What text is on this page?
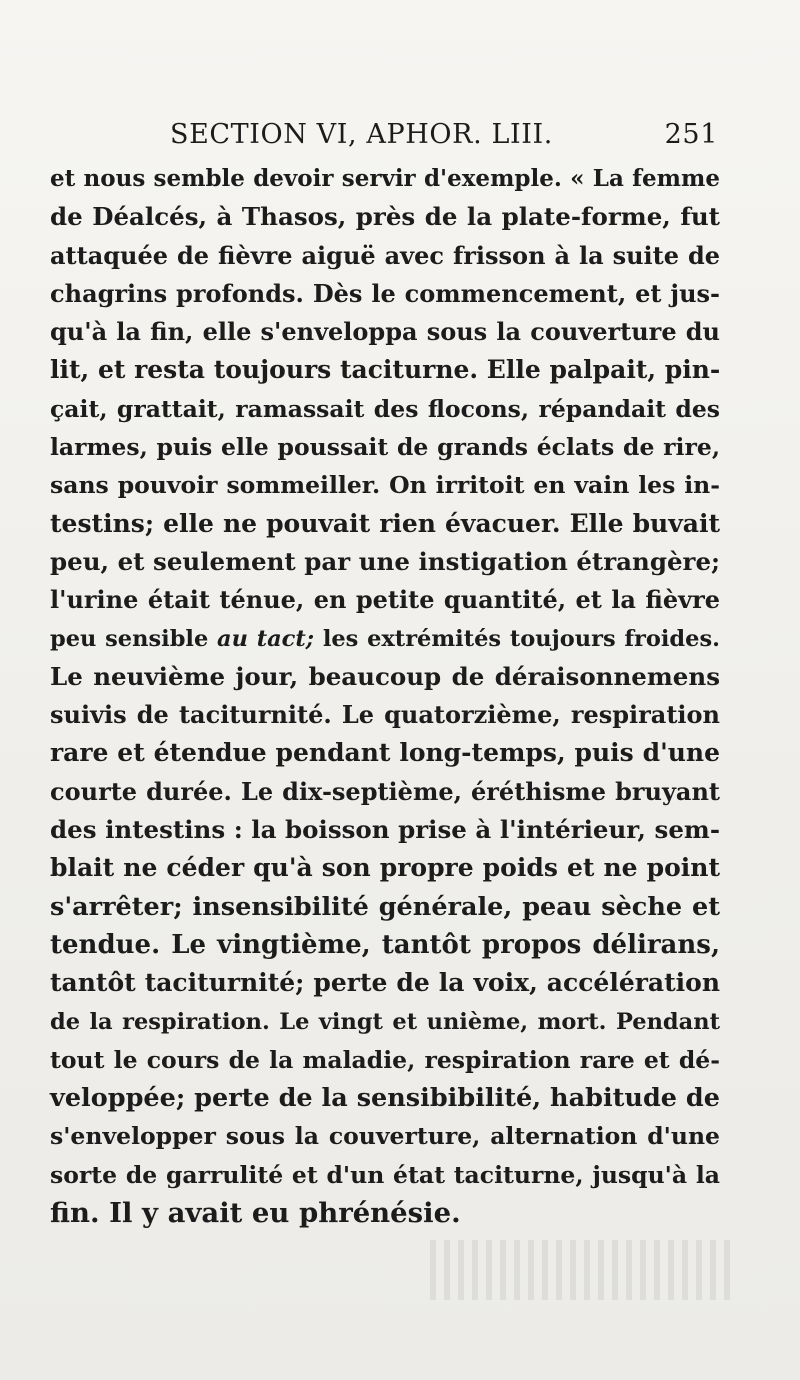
SECTION VI, APHOR. LIII.	251
et nous semble devoir servir d'exemple. « La femme
de Déalcés, à Thasos, près de la plate-forme, fut
attaquée de fièvre aiguë avec frisson à la suite de
chagrins profonds. Dès le commencement, et jus-
qu'à la fin, elle s'enveloppa sous la couverture du
lit, et resta toujours taciturne. Elle palpait, pin-
çait, grattait, ramassait des flocons, répandait des
larmes, puis elle poussait de grands éclats de rire,
sans pouvoir sommeiller. On irritoit en vain les in-
testins; elle ne pouvait rien évacuer. Elle buvait
peu, et seulement par une instigation étrangère;
l'urine était ténue, en petite quantité, et la fièvre
peu sensible au tact; les extrémités toujours froides.
Le neuvième jour, beaucoup de déraisonnemens
suivis de taciturnité. Le quatorzième, respiration
rare et étendue pendant long-temps, puis d'une
courte durée. Le dix-septième, éréthisme bruyant
des intestins : la boisson prise à l'intérieur, sem-
blait ne céder qu'à son propre poids et ne point
s'arrêter; insensibilité générale, peau sèche et
tendue. Le vingtième, tantôt propos délirans,
tantôt taciturnité; perte de la voix, accélération
de la respiration. Le vingt et unième, mort. Pendant
tout le cours de la maladie, respiration rare et dé-
veloppée; perte de la sensibibilité, habitude de
s'envelopper sous la couverture, alternation d'une
sorte de garrulité et d'un état taciturne, jusqu'à la
fin. Il y avait eu phrénésie.
